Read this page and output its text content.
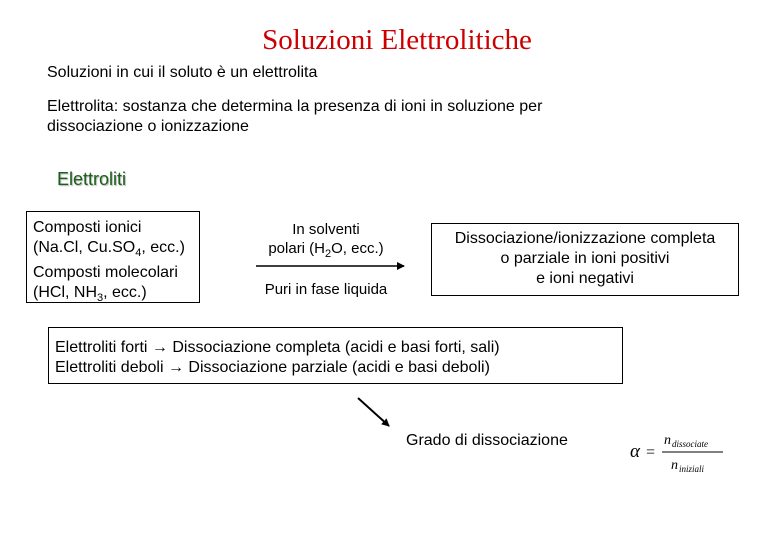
Soluzioni Elettrolitiche
Soluzioni in cui il soluto è un elettrolita
Elettrolita: sostanza che determina la presenza di ioni in soluzione per
dissociazione o ionizzazione
Elettroliti
Composti ionici
(Na.Cl, $Cu.SO_4$, ecc.)
Composti molecolari
(HCl, $NH_3$, ecc.)
In solventi
polari ($H_2O$, ecc.)
Puri in fase liquida
Dissociazione/ionizzazione completa
o parziale in ioni positivi
e ioni negativi
Elettroliti forti → Dissociazione completa (acidi e basi forti, sali)
Elettroliti deboli → Dissociazione parziale (acidi e basi deboli)
Grado di dissociazione
α =
n dissociate
n iniziali
